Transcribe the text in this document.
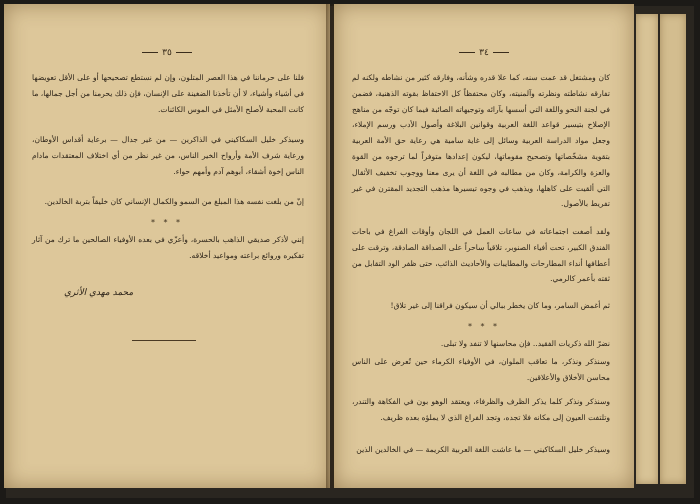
٣٥

فلنا على حرماننا في هذا العصر المتلون، وإن لم نستطع تصحيحها أو على الأقل تعويضها في أشياء وأشياء، لا أن تأخذنا الضغينة على الإنسان، فإن ذلك يحرمنا من أجل جمالها، ما كانت المحبة لأصلح الأمثل في الموس الكائنات.

وسيذكر خليل السكاكيني في الذاكرين — من غير جدال — برعاية أقداس الأوطان، ورعاية شرف الأمة وأرواح الخير الناس، من غير نظر من أي اختلاف المعتقدات مادام الناس إخوة أشقاء، أبوهم آدم وأمهم حواء.

إنّ من بلغت نفسه هذا المبلغ من السمو والكمال الإنساني كان خليقاً بتربة الخالدين.

* * *

إنني لأذكر صديقي الذاهب بالحسرة، وأعزّي في بعده الأوفياء الصالحين ما ترك من آثار تفكيره وروائع براعته ومواعيد أخلاقه.

محمد مهدي الأثري
٣٤

كان ومشتغل قد عمت سنه، كما علا قدره وشأنه، وفارقه كثير من نشاطه ولكنه لم تفارقه نشاطته ونظرته وآلمنيته، وكان محتفظاً كل الاحتفاظ بقوته الذهنية، فضمن في لجنة النحو واللغة التي أسسها بآرائه وتوجيهاته الصائبة فيما كان توجّه من مناهج الإصلاح بتيسير قواعد اللغة العربية وقوانين البلاغة وأصول الأدب ورسم الإملاء، وجعل مواد الدراسة العربية وسائل إلى غاية سامية هي رعاية حق الأمة العربية بتقوية مشخّصاتها وتصحيح مقوماتها، ليكون إعدادها متوفراً لما ترجوه من القوة والعزة والكرامة، وكان من مطالبه في اللغة أن يرى معنا ووجوب تخفيف الأثقال التي ألقيت على كاهلها، ويذهب في وجوه تيسيرها مذهب التجديد المقترن في غير تفريط بالأصول.

ولقد أصغت اجتماعاته في ساعات العمل في اللجان وأوقات الفراغ في باحات الفندق الكبير، تحت أفياء الصنوبر، تلاقياً ساحراً على الصداقة الصادقة، وترقت على أعطافها أنداء المطارحات والمطايبات والأحاديث الذائب، حتى ظفر الود التقابل من ثقته بأعمر كالرمي.

ثم أغمض السامر، وما كان يخطر ببالي أن سيكون فراقنا إلى غير تلاق!

* * *

نضرّ الله ذكريات الفقيد.. فإن محاسنها لا تنفد ولا تبلى.

وسنذكر ونذكر، ما تعاقب الملوان، في الأوفياء الكرماء حين تُعرض على الناس محاسن الأخلاق والأعلاقين.

وسنذكر ونذكر كلما يذكر الظرف والظرفاء، ويعتقد الوهو بون في الفكاهة والتندر، وتلتفت العيون إلى مكانه فلا تجده، وتجد الفراغ الذي لا يملؤه بعده ظريف.

وسيذكر خليل السكاكيني — ما عاشت اللغة العربية الكريمة — في الخالدين الذين
